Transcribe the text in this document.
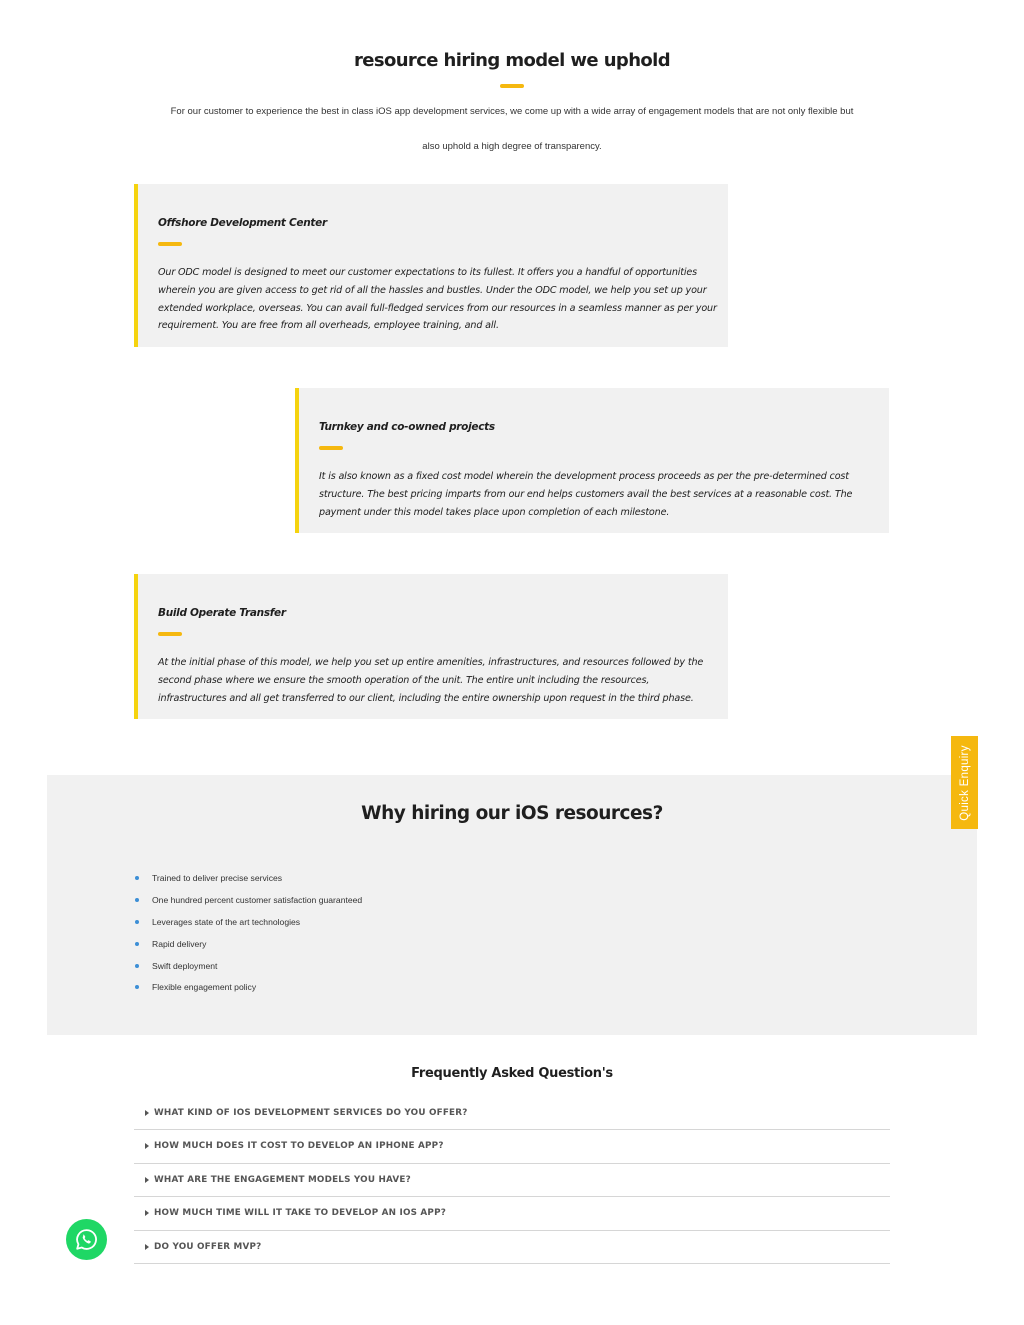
resource hiring model we uphold

For our customer to experience the best in class iOS app development services, we come up with a wide array of engagement models that are not only flexible but

also uphold a high degree of transparency.

Offshore Development Center

Our ODC model is designed to meet our customer expectations to its fullest. It offers you a handful of opportunities wherein you are given access to get rid of all the hassles and bustles. Under the ODC model, we help you set up your extended workplace, overseas. You can avail full-fledged services from our resources in a seamless manner as per your requirement. You are free from all overheads, employee training, and all.

Turnkey and co-owned projects

It is also known as a fixed cost model wherein the development process proceeds as per the pre-determined cost structure. The best pricing imparts from our end helps customers avail the best services at a reasonable cost. The payment under this model takes place upon completion of each milestone.

Build Operate Transfer

At the initial phase of this model, we help you set up entire amenities, infrastructures, and resources followed by the second phase where we ensure the smooth operation of the unit. The entire unit including the resources, infrastructures and all get transferred to our client, including the entire ownership upon request in the third phase.

Why hiring our iOS resources?
Trained to deliver precise services
One hundred percent customer satisfaction guaranteed
Leverages state of the art technologies
Rapid delivery
Swift deployment
Flexible engagement policy
Frequently Asked Question's
WHAT KIND OF IOS DEVELOPMENT SERVICES DO YOU OFFER?
HOW MUCH DOES IT COST TO DEVELOP AN IPHONE APP?
WHAT ARE THE ENGAGEMENT MODELS YOU HAVE?
HOW MUCH TIME WILL IT TAKE TO DEVELOP AN IOS APP?
DO YOU OFFER MVP?
Quick Enquiry
